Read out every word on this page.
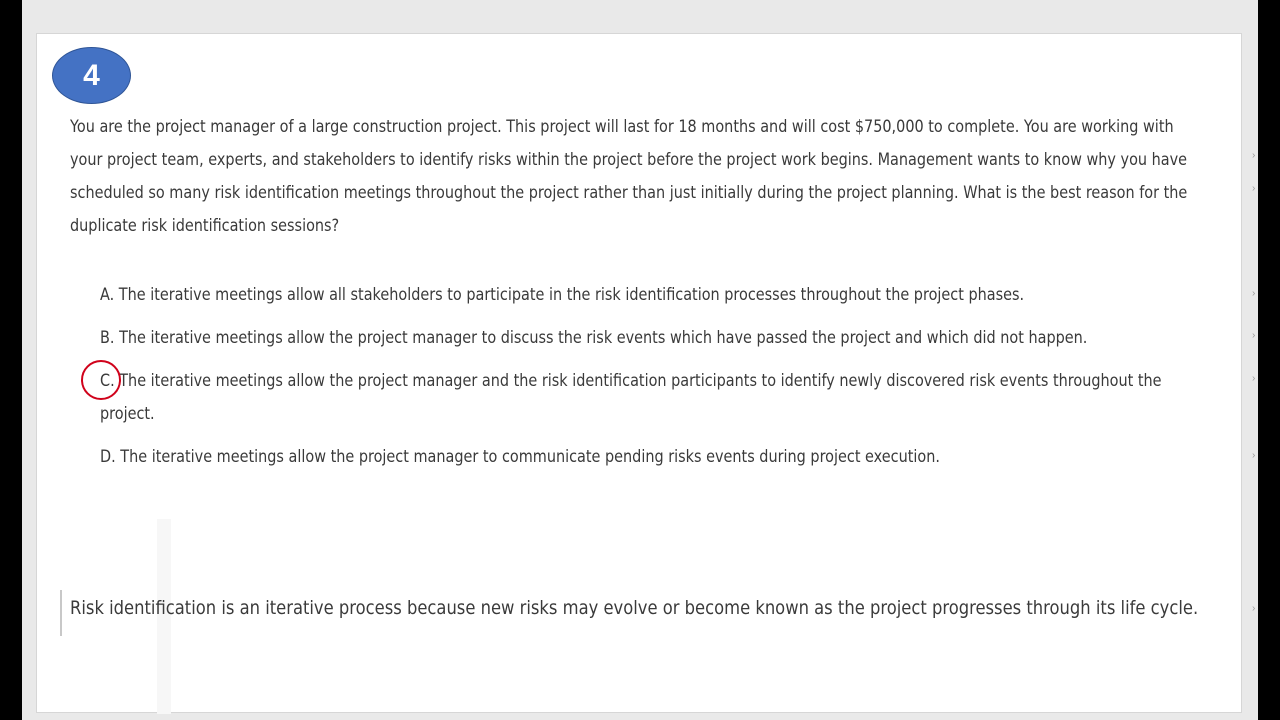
›
›
›
›
›
›
›
4

You are the project manager of a large construction project. This project will last for 18 months and will cost $750,000 to complete. You are working with your project team, experts, and stakeholders to identify risks within the project before the project work begins. Management wants to know why you have scheduled so many risk identification meetings throughout the project rather than just initially during the project planning. What is the best reason for the duplicate risk identification sessions?

A. The iterative meetings allow all stakeholders to participate in the risk identification processes throughout the project phases.
B. The iterative meetings allow the project manager to discuss the risk events which have passed the project and which did not happen.
C. The iterative meetings allow the project manager and the risk identification participants to identify newly discovered risk events throughout the project.
D. The iterative meetings allow the project manager to communicate pending risks events during project execution.

Risk identification is an iterative process because new risks may evolve or become known as the project progresses through its life cycle.
